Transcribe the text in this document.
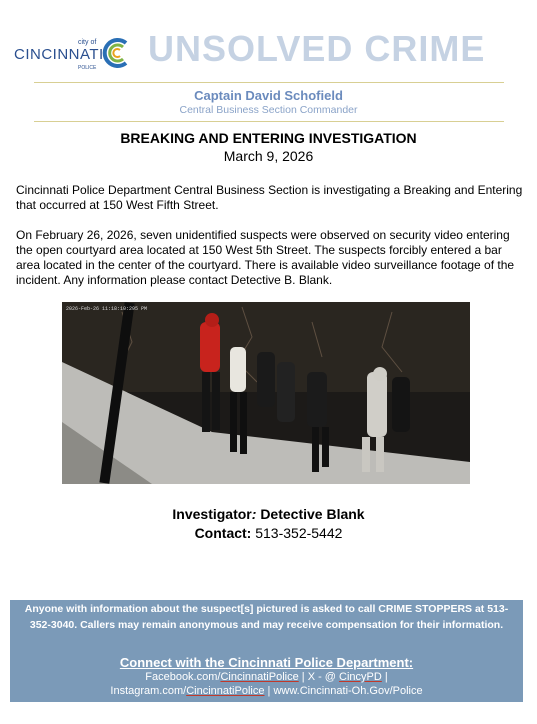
city of
CINCINNATI
POLICE UNSOLVED CRIME
Captain David Schofield
Central Business Section Commander
BREAKING AND ENTERING INVESTIGATION
March 9, 2026

Cincinnati Police Department Central Business Section is investigating a Breaking and Entering that occurred at 150 West Fifth Street.

On February 26, 2026, seven unidentified suspects were observed on security video entering the open courtyard area located at 150 West 5th Street. The suspects forcibly entered a bar area located in the center of the courtyard. There is available video surveillance footage of the incident. Any information please contact Detective B. Blank.

2026-Feb-26 11:18:10:295 PM
Investigator: Detective Blank
Contact: 513-352-5442
Anyone with information about the suspect[s] pictured is asked to call CRIME STOPPERS at 513-352-3040. Callers may remain anonymous and may receive compensation for their information.
Connect with the Cincinnati Police Department:
Facebook.com/CincinnatiPolice | X - @ CincyPD |
Instagram.com/CincinnatiPolice | www.Cincinnati-Oh.Gov/Police
